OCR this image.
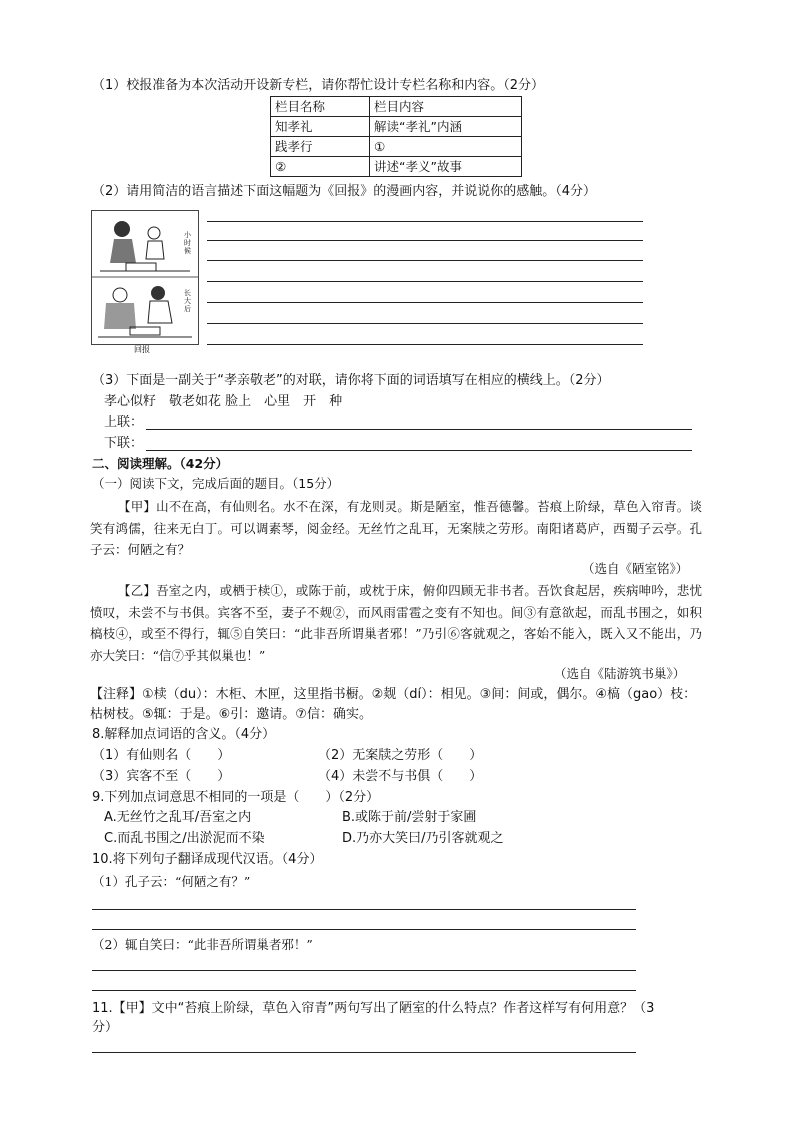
（1）校报准备为本次活动开设新专栏，请你帮忙设计专栏名称和内容。（2分）
栏目名称	栏目内容
知孝礼	解读“孝礼”内涵
践孝行	①
②	讲述“孝义”故事
（2）请用简洁的语言描述下面这幅题为《回报》的漫画内容，并说说你的感触。（4分）
小时候
长大后
回报
（3）下面是一副关于“孝亲敬老”的对联，请你将下面的词语填写在相应的横线上。（2分）
孝心似籽　敬老如花 脸上　心里　开　种
上联：
下联：
二、阅读理解。（42分）
（一）阅读下文，完成后面的题目。（15分）
【甲】山不在高，有仙则名。水不在深，有龙则灵。斯是陋室，惟吾德馨。苔痕上阶绿，草色入帘青。谈笑有鸿儒，往来无白丁。可以调素琴，阅金经。无丝竹之乱耳，无案牍之劳形。南阳诸葛庐，西蜀子云亭。孔子云：何陋之有？
（选自《陋室铭》）
【乙】吾室之内，或栖于椟①，或陈于前，或枕于床，俯仰四顾无非书者。吾饮食起居，疾病呻吟，悲忧愤叹，未尝不与书俱。宾客不至，妻子不觌②，而风雨雷雹之变有不知也。间③有意欲起，而乱书围之，如积槁枝④，或至不得行，辄⑤自笑曰：“此非吾所谓巢者邪！”乃引⑥客就观之，客始不能入，既入又不能出，乃亦大笑曰：“信⑦乎其似巢也！”
（选自《陆游筑书巢》）
【注释】①椟（du）：木柜、木匣，这里指书橱。②觌（dí）：相见。③间：间或，偶尔。④槁（gao）枝：枯树枝。⑤辄：于是。⑥引：邀请。⑦信：确实。
8.解释加点词语的含义。（4分）
（1）有仙则名（　　）	（2）无案牍之劳形（　　）
（3）宾客不至（　　）	（4）未尝不与书俱（　　）
9.下列加点词意思不相同的一项是（　　）（2分）
A.无丝竹之乱耳/吾室之内	B.或陈于前/尝射于家圃
C.而乱书围之/出淤泥而不染	D.乃亦大笑曰/乃引客就观之
10.将下列句子翻译成现代汉语。（4分）
（1）孔子云：“何陋之有？”
（2）辄自笑曰：“此非吾所谓巢者邪！”
11.【甲】文中“苔痕上阶绿，草色入帘青”两句写出了陋室的什么特点？作者这样写有何用意？（3
分）
